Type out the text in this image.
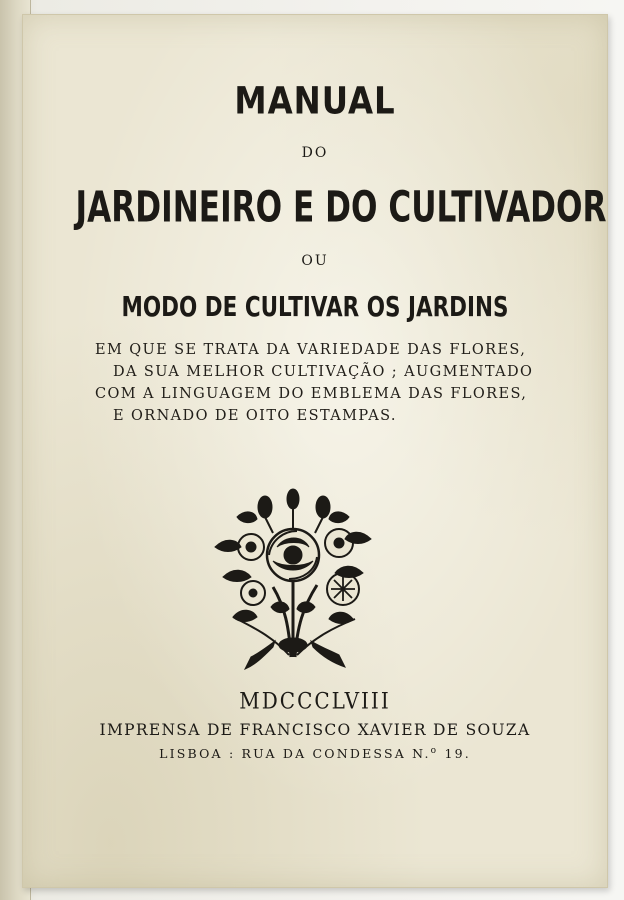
MANUAL

DO

JARDINEIRO E DO CULTIVADOR

OU

MODO DE CULTIVAR OS JARDINS
EM QUE SE TRATA DA VARIEDADE DAS FLORES,
DA SUA MELHOR CULTIVAÇÃO ; AUGMENTADO
COM A LINGUAGEM DO EMBLEMA DAS FLORES,
E ORNADO DE OITO ESTAMPAS.

MDCCCLVIII

IMPRENSA DE FRANCISCO XAVIER DE SOUZA

LISBOA : RUA DA CONDESSA N.$^o$ 19.
